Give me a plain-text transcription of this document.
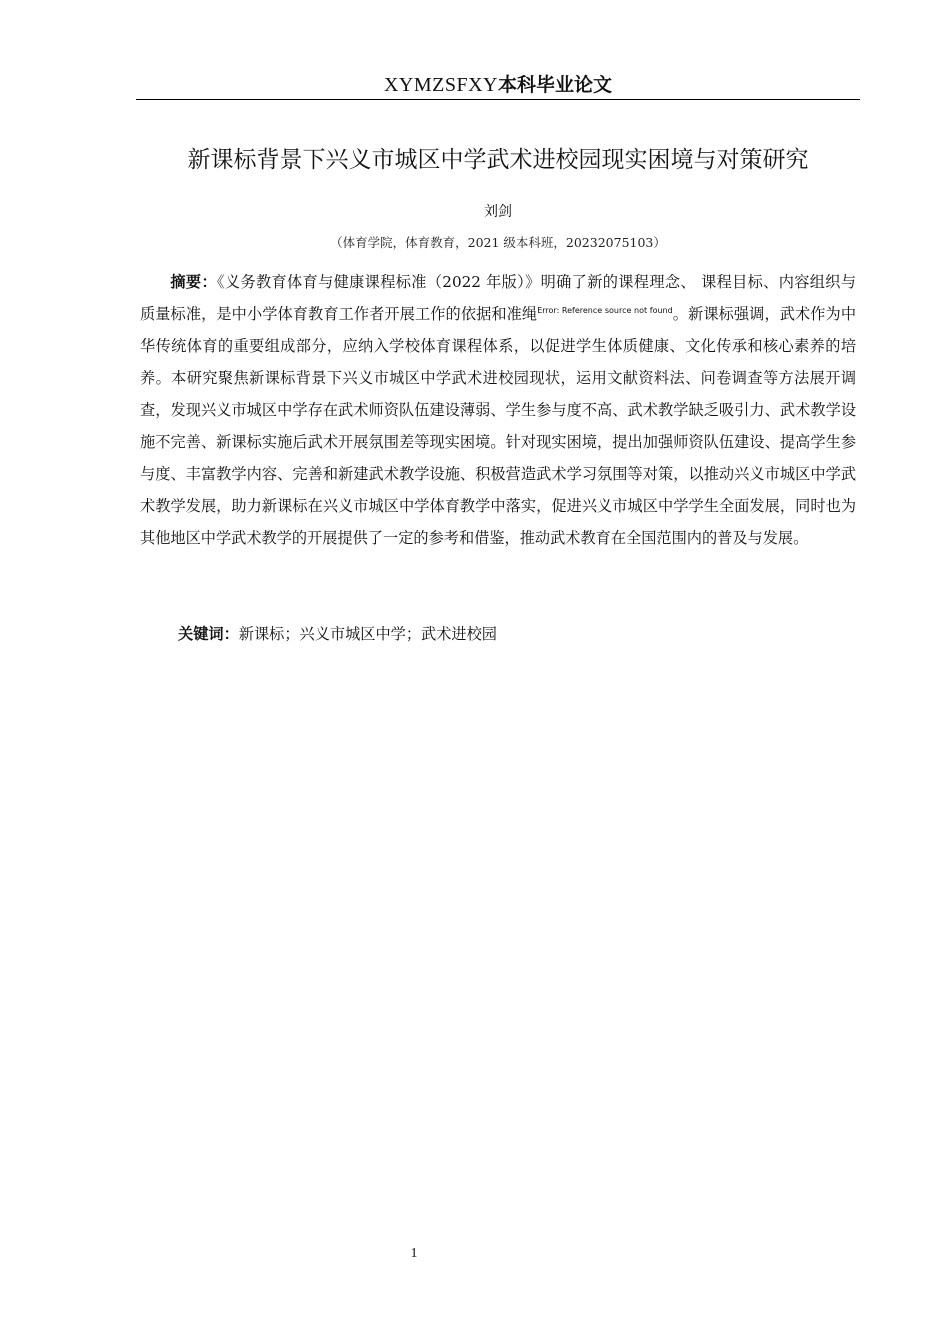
XYMZSFXY本科毕业论文
新课标背景下兴义市城区中学武术进校园现实困境与对策研究
刘剑
（体育学院，体育教育，2021 级本科班，20232075103）
摘要：《义务教育体育与健康课程标准（2022 年版）》明确了新的课程理念、 课程目标、内容组织与质量标准，是中小学体育教育工作者开展工作的依据和准绳$^{Error: Reference source not found}$。新课标强调，武术作为中华传统体育的重要组成部分，应纳入学校体育课程体系，以促进学生体质健康、文化传承和核心素养的培养。本研究聚焦新课标背景下兴义市城区中学武术进校园现状，运用文献资料法、问卷调查等方法展开调查，发现兴义市城区中学存在武术师资队伍建设薄弱、学生参与度不高、武术教学缺乏吸引力、武术教学设施不完善、新课标实施后武术开展氛围差等现实困境。针对现实困境，提出加强师资队伍建设、提高学生参与度、丰富教学内容、完善和新建武术教学设施、积极营造武术学习氛围等对策，以推动兴义市城区中学武术教学发展，助力新课标在兴义市城区中学体育教学中落实，促进兴义市城区中学学生全面发展，同时也为其他地区中学武术教学的开展提供了一定的参考和借鉴，推动武术教育在全国范围内的普及与发展。
关键词：新课标；兴义市城区中学；武术进校园
1
